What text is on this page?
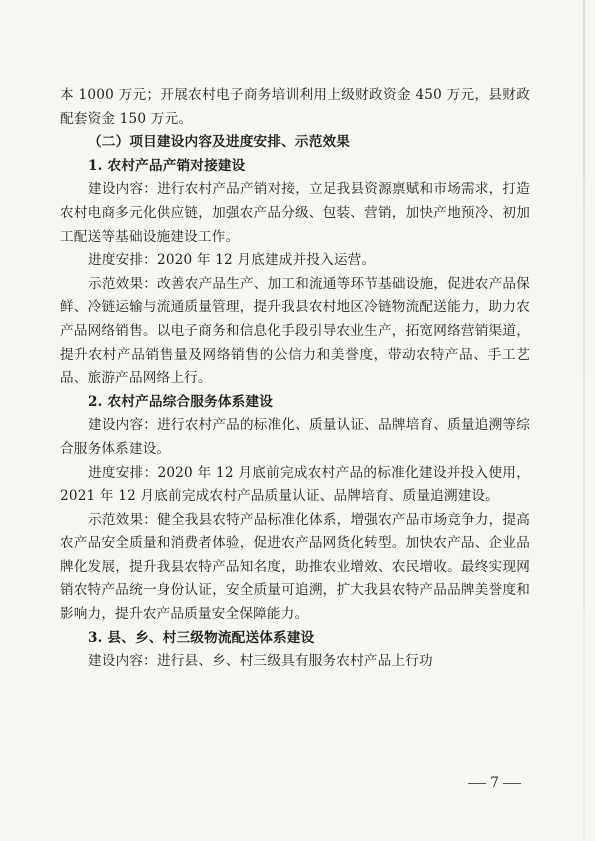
本 1000 万元；开展农村电子商务培训利用上级财政资金 450 万元，县财政配套资金 150 万元。

（二）项目建设内容及进度安排、示范效果

1. 农村产品产销对接建设

建设内容：进行农村产品产销对接，立足我县资源禀赋和市场需求，打造农村电商多元化供应链，加强农产品分级、包装、营销，加快产地预冷、初加工配送等基础设施建设工作。

进度安排：2020 年 12 月底建成并投入运营。

示范效果：改善农产品生产、加工和流通等环节基础设施，促进农产品保鲜、冷链运输与流通质量管理，提升我县农村地区冷链物流配送能力，助力农产品网络销售。以电子商务和信息化手段引导农业生产，拓宽网络营销渠道，提升农村产品销售量及网络销售的公信力和美誉度，带动农特产品、手工艺品、旅游产品网络上行。

2. 农村产品综合服务体系建设

建设内容：进行农村产品的标准化、质量认证、品牌培育、质量追溯等综合服务体系建设。

进度安排：2020 年 12 月底前完成农村产品的标准化建设并投入使用，2021 年 12 月底前完成农村产品质量认证、品牌培育、质量追溯建设。

示范效果：健全我县农特产品标准化体系，增强农产品市场竞争力，提高农产品安全质量和消费者体验，促进农产品网货化转型。加快农产品、企业品牌化发展，提升我县农特产品知名度，助推农业增效、农民增收。最终实现网销农特产品统一身份认证，安全质量可追溯，扩大我县农特产品品牌美誉度和影响力，提升农产品质量安全保障能力。

3. 县、乡、村三级物流配送体系建设

建设内容：进行县、乡、村三级具有服务农村产品上行功

7
